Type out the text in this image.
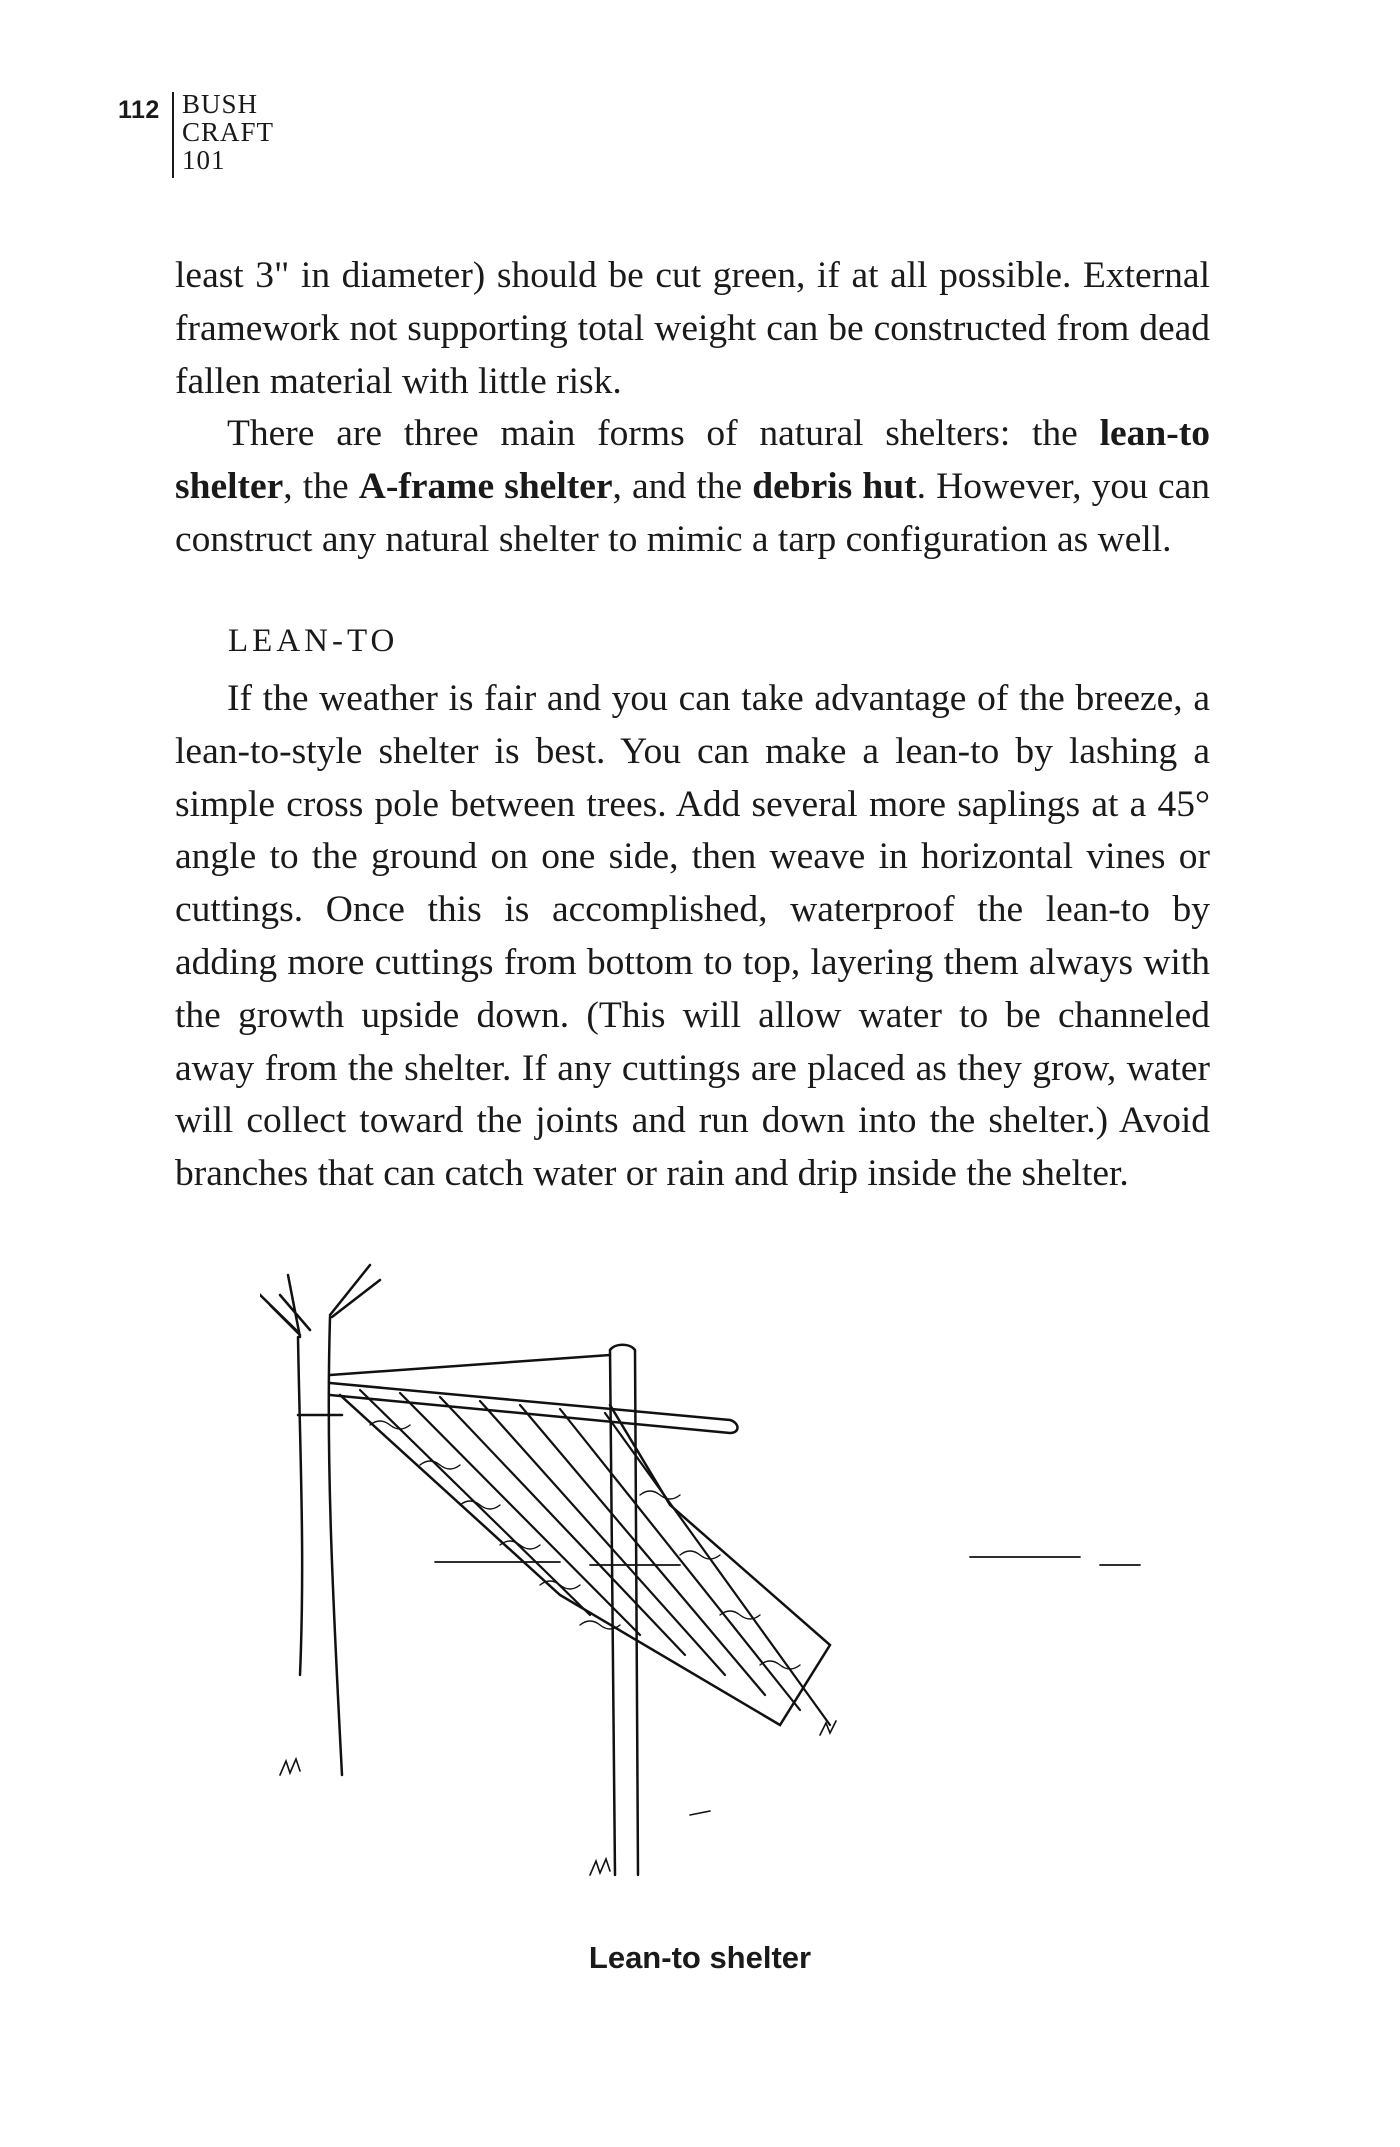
112 BUSH
CRAFT
101

least 3" in diameter) should be cut green, if at all possible. External framework not supporting total weight can be constructed from dead fallen material with little risk.

There are three main forms of natural shelters: the lean-to shelter, the A-frame shelter, and the debris hut. However, you can construct any natural shelter to mimic a tarp configuration as well.

LEAN-TO

If the weather is fair and you can take advantage of the breeze, a lean-to-style shelter is best. You can make a lean-to by lashing a simple cross pole between trees. Add several more saplings at a 45° angle to the ground on one side, then weave in horizontal vines or cuttings. Once this is accomplished, waterproof the lean-to by adding more cuttings from bottom to top, layering them always with the growth upside down. (This will allow water to be channeled away from the shelter. If any cuttings are placed as they grow, water will collect toward the joints and run down into the shelter.) Avoid branches that can catch water or rain and drip inside the shelter.

Lean-to shelter
